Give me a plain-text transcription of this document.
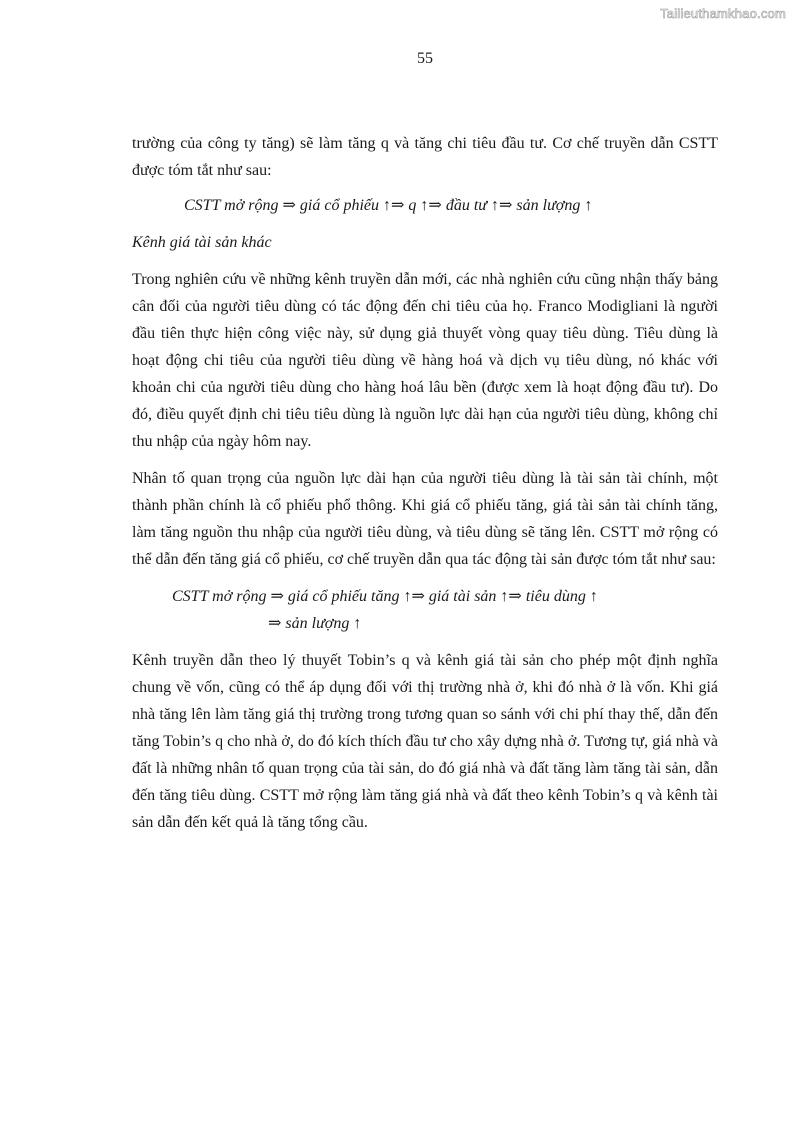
Tailieuthamkhao.com
55

trường của công ty tăng) sẽ làm tăng q và tăng chi tiêu đầu tư. Cơ chế truyền dẫn CSTT được tóm tắt như sau:

CSTT mở rộng ⇒ giá cổ phiếu ↑⇒ q ↑⇒ đầu tư ↑⇒ sản lượng ↑
Kênh giá tài sản khác

Trong nghiên cứu về những kênh truyền dẫn mới, các nhà nghiên cứu cũng nhận thấy bảng cân đối của người tiêu dùng có tác động đến chi tiêu của họ. Franco Modigliani là người đầu tiên thực hiện công việc này, sử dụng giả thuyết vòng quay tiêu dùng. Tiêu dùng là hoạt động chi tiêu của người tiêu dùng về hàng hoá và dịch vụ tiêu dùng, nó khác với khoản chi của người tiêu dùng cho hàng hoá lâu bền (được xem là hoạt động đầu tư). Do đó, điều quyết định chi tiêu tiêu dùng là nguồn lực dài hạn của người tiêu dùng, không chỉ thu nhập của ngày hôm nay.

Nhân tố quan trọng của nguồn lực dài hạn của người tiêu dùng là tài sản tài chính, một thành phần chính là cổ phiếu phổ thông. Khi giá cổ phiếu tăng, giá tài sản tài chính tăng, làm tăng nguồn thu nhập của người tiêu dùng, và tiêu dùng sẽ tăng lên. CSTT mở rộng có thể dẫn đến tăng giá cổ phiếu, cơ chế truyền dẫn qua tác động tài sản được tóm tắt như sau:

CSTT mở rộng ⇒ giá cổ phiếu tăng ↑⇒ giá tài sản ↑⇒ tiêu dùng ↑
⇒ sản lượng ↑

Kênh truyền dẫn theo lý thuyết Tobin’s q và kênh giá tài sản cho phép một định nghĩa chung về vốn, cũng có thể áp dụng đối với thị trường nhà ở, khi đó nhà ở là vốn. Khi giá nhà tăng lên làm tăng giá thị trường trong tương quan so sánh với chi phí thay thế, dẫn đến tăng Tobin’s q cho nhà ở, do đó kích thích đầu tư cho xây dựng nhà ở. Tương tự, giá nhà và đất là những nhân tố quan trọng của tài sản, do đó giá nhà và đất tăng làm tăng tài sản, dẫn đến tăng tiêu dùng. CSTT mở rộng làm tăng giá nhà và đất theo kênh Tobin’s q và kênh tài sản dẫn đến kết quả là tăng tổng cầu.
